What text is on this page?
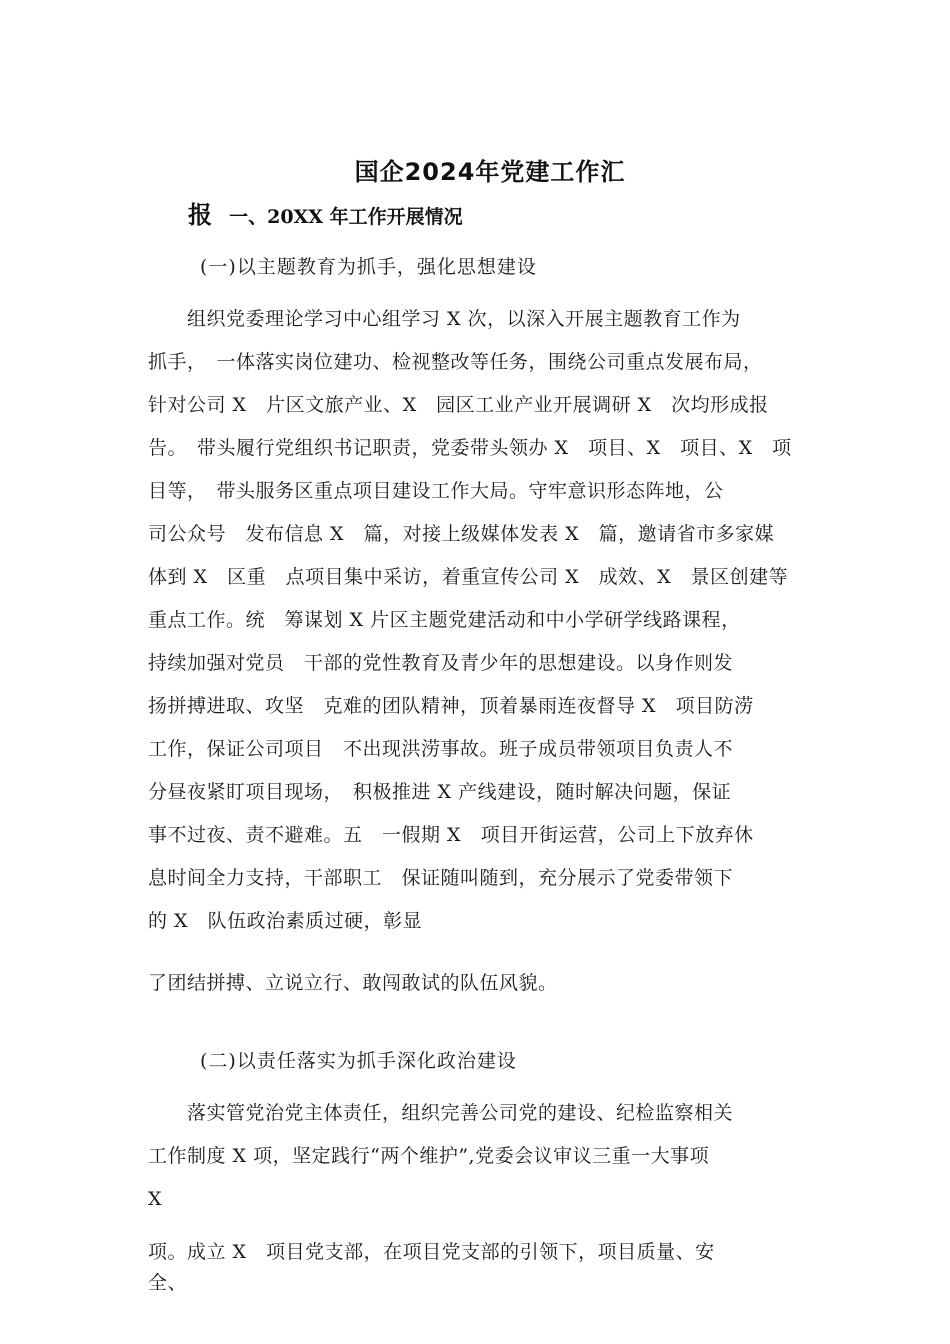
国企2024年党建工作汇
报 一、20XX 年工作开展情况
(一)以主题教育为抓手，强化思想建设
　　组织党委理论学习中心组学习 X 次，以深入开展主题教育工作为
抓手，　一体落实岗位建功、检视整改等任务，围绕公司重点发展布局，
针对公司 X　片区文旅产业、X　园区工业产业开展调研 X　次均形成报
告。　带头履行党组织书记职责，党委带头领办 X　项目、X　项目、X　项
目等，　带头服务区重点项目建设工作大局。守牢意识形态阵地，公
司公众号　发布信息 X　篇，对接上级媒体发表 X　篇，邀请省市多家媒
体到 X　区重　点项目集中采访，着重宣传公司 X　成效、X　景区创建等
重点工作。统　筹谋划 X 片区主题党建活动和中小学研学线路课程，
持续加强对党员　干部的党性教育及青少年的思想建设。以身作则发
扬拼搏进取、攻坚　克难的团队精神，顶着暴雨连夜督导 X　项目防涝
工作，保证公司项目　不出现洪涝事故。班子成员带领项目负责人不
分昼夜紧盯项目现场，　积极推进 X 产线建设，随时解决问题，保证
事不过夜、责不避难。五　一假期 X　项目开街运营，公司上下放弃休
息时间全力支持，干部职工　保证随叫随到，充分展示了党委带领下
的 X　队伍政治素质过硬，彰显
了团结拼搏、立说立行、敢闯敢试的队伍风貌。
(二)以责任落实为抓手深化政治建设
　　落实管党治党主体责任，组织完善公司党的建设、纪检监察相关
工作制度 X 项，坚定践行“两个维护”,党委会议审议三重一大事项
X
项。成立 X　项目党支部，在项目党支部的引领下，项目质量、安
全、
